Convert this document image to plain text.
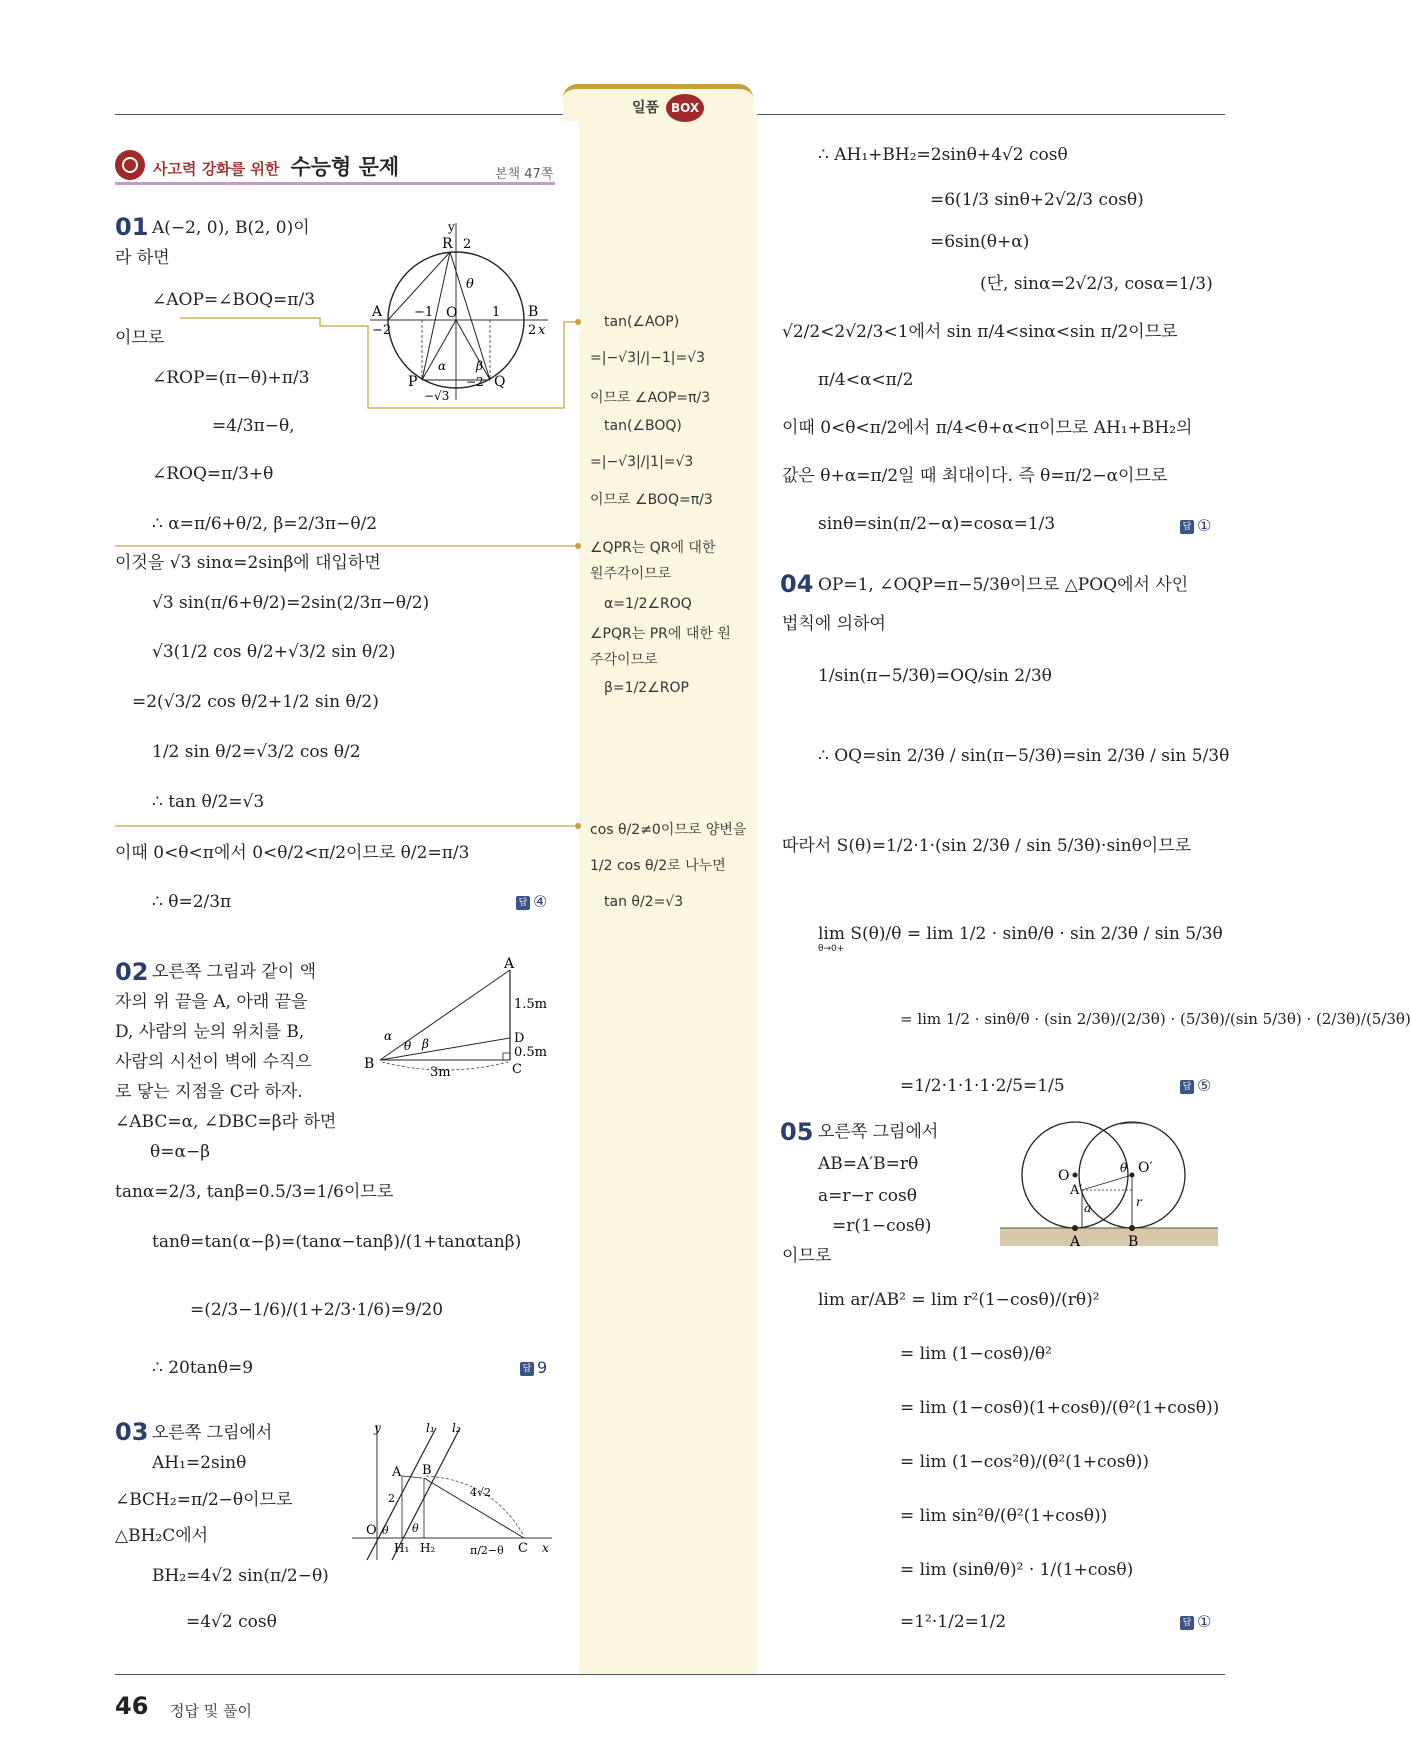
일품 BOX
사고력 강화를 위한 수능형 문제	본책 47쪽
01 A(−2, 0), B(2, 0)이
라 하면
∠AOP=∠BOQ=π/3
이므로
∠ROP=(π−θ)+π/3
=4/3π−θ,
∠ROQ=π/3+θ
∴ α=π/6+θ/2, β=2/3π−θ/2
이것을 √3 sinα=2sinβ에 대입하면
√3 sin(π/6+θ/2)=2sin(2/3π−θ/2)
√3(1/2 cos θ/2+√3/2 sin θ/2)
=2(√3/2 cos θ/2+1/2 sin θ/2)
1/2 sin θ/2=√3/2 cos θ/2
∴ tan θ/2=√3
이때 0<θ<π에서 0<θ/2<π/2이므로 θ/2=π/3
∴ θ=2/3π	답 ④
y
R 2
θ
A −1 O	1 B
−2	2 x
α β
P	Q
−√3
−2
tan(∠AOP)
=|−√3|/|−1|=√3
이므로 ∠AOP=π/3
tan(∠BOQ)
=|−√3|/|1|=√3
이므로 ∠BOQ=π/3
∠QPR는 QR에 대한
원주각이므로
α=1/2∠ROQ
∠PQR는 PR에 대한 원
주각이므로
β=1/2∠ROP
cos θ/2≠0이므로 양변을
1/2 cos θ/2로 나누면
tan θ/2=√3
02 오른쪽 그림과 같이 액
자의 위 끝을 A, 아래 끝을
D, 사람의 눈의 위치를 B,
사람의 시선이 벽에 수직으
로 닿는 지점을 C라 하자.
∠ABC=α, ∠DBC=β라 하면
θ=α−β
tanα=2/3, tanβ=0.5/3=1/6이므로
tanθ=tan(α−β)=(tanα−tanβ)/(1+tanαtanβ)
=(2/3−1/6)/(1+2/3·1/6)=9/20
∴ 20tanθ=9	답 9
A
1.5m
D
0.5m
C
B
3m
α
θ β
03 오른쪽 그림에서
AH₁=2sinθ
∠BCH₂=π/2−θ이므로
△BH₂C에서
BH₂=4√2 sin(π/2−θ)
=4√2 cosθ
y	l₁ l₂
A B
2	4√2
O θ θ
H₁ H₂	π/2−θ C x
∴ AH₁+BH₂=2sinθ+4√2 cosθ
=6(1/3 sinθ+2√2/3 cosθ)
=6sin(θ+α)
(단, sinα=2√2/3, cosα=1/3)
√2/2<2√2/3<1에서 sin π/4<sinα<sin π/2이므로
π/4<α<π/2
이때 0<θ<π/2에서 π/4<θ+α<π이므로 AH₁+BH₂의
값은 θ+α=π/2일 때 최대이다. 즉 θ=π/2−α이므로
sinθ=sin(π/2−α)=cosα=1/3	답 ①
04 OP=1, ∠OQP=π−5/3θ이므로 △POQ에서 사인
법칙에 의하여
1/sin(π−5/3θ)=OQ/sin 2/3θ
∴ OQ=sin 2/3θ / sin(π−5/3θ)=sin 2/3θ / sin 5/3θ
따라서 S(θ)=1/2·1·(sin 2/3θ / sin 5/3θ)·sinθ이므로
lim S(θ)/θ = lim 1/2 · sinθ/θ · sin 2/3θ / sin 5/3θ
= lim 1/2 · sinθ/θ · (sin 2/3θ)/(2/3θ) · (5/3θ)/(sin 5/3θ) · (2/3θ)/(5/3θ)
=1/2·1·1·1·2/5=1/5	답 ⑤
θ→0+
05 오른쪽 그림에서
AB=A′B=rθ
a=r−r cosθ
=r(1−cosθ)
이므로
lim ar/AB² = lim r²(1−cosθ)/(rθ)²
= lim (1−cosθ)/θ²
= lim (1−cosθ)(1+cosθ)/(θ²(1+cosθ))
= lim (1−cos²θ)/(θ²(1+cosθ))
= lim sin²θ/(θ²(1+cosθ))
= lim (sinθ/θ)² · 1/(1+cosθ)
=1²·1/2=1/2	답 ①
O	θ O′
A′
a	r
A	B
46 정답 및 풀이
